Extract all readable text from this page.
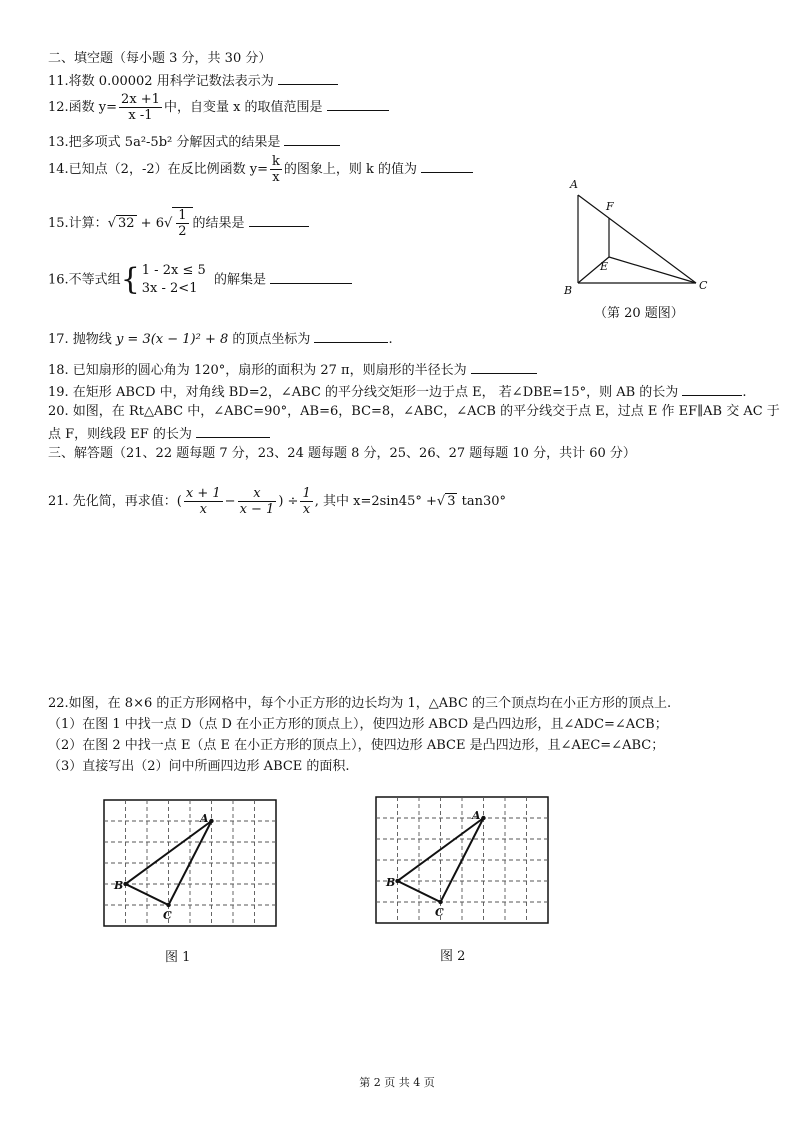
二、填空题（每小题 3 分，共 30 分）
11.将数 0.00002 用科学记数法表示为
12.函数 $y= \frac{2x +1}{x -1}$ 中，自变量 x 的取值范围是
13.把多项式 5a²-5b² 分解因式的结果是
14.已知点（2，-2）在反比例函数 $y= \frac{k}{x}$ 的图象上，则 k 的值为
15.计算：√ $32 + 6√ \frac{1}{2}$ 的结果是
16.不等式组{ 1 - 2x ≤ 5
3x - 2<1
的解集是
17. 抛物线 y = 3(x − 1)² + 8 的顶点坐标为	.
18. 已知扇形的圆心角为 120°，扇形的面积为 27 π，则扇形的半径长为
19. 在矩形 ABCD 中，对角线 BD=2，∠ABC 的平分线交矩形一边于点 E， 若∠DBE=15°，则 AB 的长为	.
20. 如图，在 Rt△ABC 中，∠ABC=90°，AB=6，BC=8，∠ABC，∠ACB 的平分线交于点 E，过点 E 作 EF∥AB 交 AC 于
点 F，则线段 EF 的长为
A
B	C
E
F
（第 20 题图）
三、解答题（21、22 题每题 7 分，23、24 题每题 8 分，25、26、27 题每题 10 分，共计 60 分）
21. 先化简，再求值：( $\frac{x + 1}{x} - \frac{x}{x - 1}$ ) ÷ $\frac{1}{x}$ , 其中 x=2sin45° +√ 3 tan30°
22.如图，在 8×6 的正方形网格中，每个小正方形的边长均为 1，△ABC 的三个顶点均在小正方形的顶点上.
（1）在图 1 中找一点 D（点 D 在小正方形的顶点上），使四边形 ABCD 是凸四边形，且∠ADC=∠ACB；
（2）在图 2 中找一点 E（点 E 在小正方形的顶点上），使四边形 ABCE 是凸四边形，且∠AEC=∠ABC；
（3）直接写出（2）问中所画四边形 ABCE 的面积.
A
B
C
图 1
A
B
C
图 2
第 2 页 共 4 页
